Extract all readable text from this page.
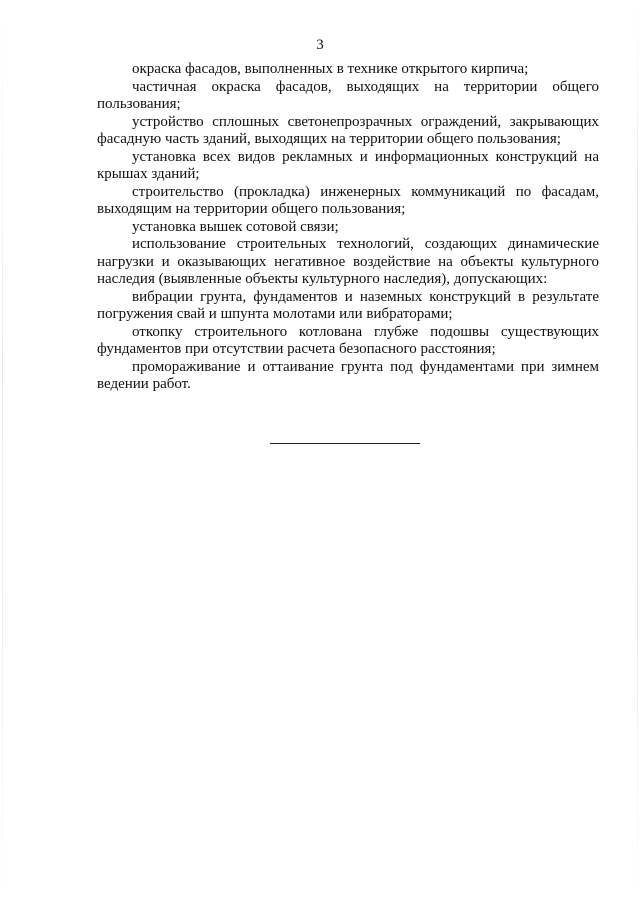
3

окраска фасадов, выполненных в технике открытого кирпича;

частичная окраска фасадов, выходящих на территории общего пользования;

устройство сплошных светонепрозрачных ограждений, закрывающих фасадную часть зданий, выходящих на территории общего пользования;

установка всех видов рекламных и информационных конструкций на крышах зданий;

строительство (прокладка) инженерных коммуникаций по фасадам, выходящим на территории общего пользования;

установка вышек сотовой связи;

использование строительных технологий, создающих динамические нагрузки и оказывающих негативное воздействие на объекты культурного наследия (выявленные объекты культурного наследия), допускающих:

вибрации грунта, фундаментов и наземных конструкций в результате погружения свай и шпунта молотами или вибраторами;

откопку строительного котлована глубже подошвы существующих фундаментов при отсутствии расчета безопасного расстояния;

промораживание и оттаивание грунта под фундаментами при зимнем ведении работ.
